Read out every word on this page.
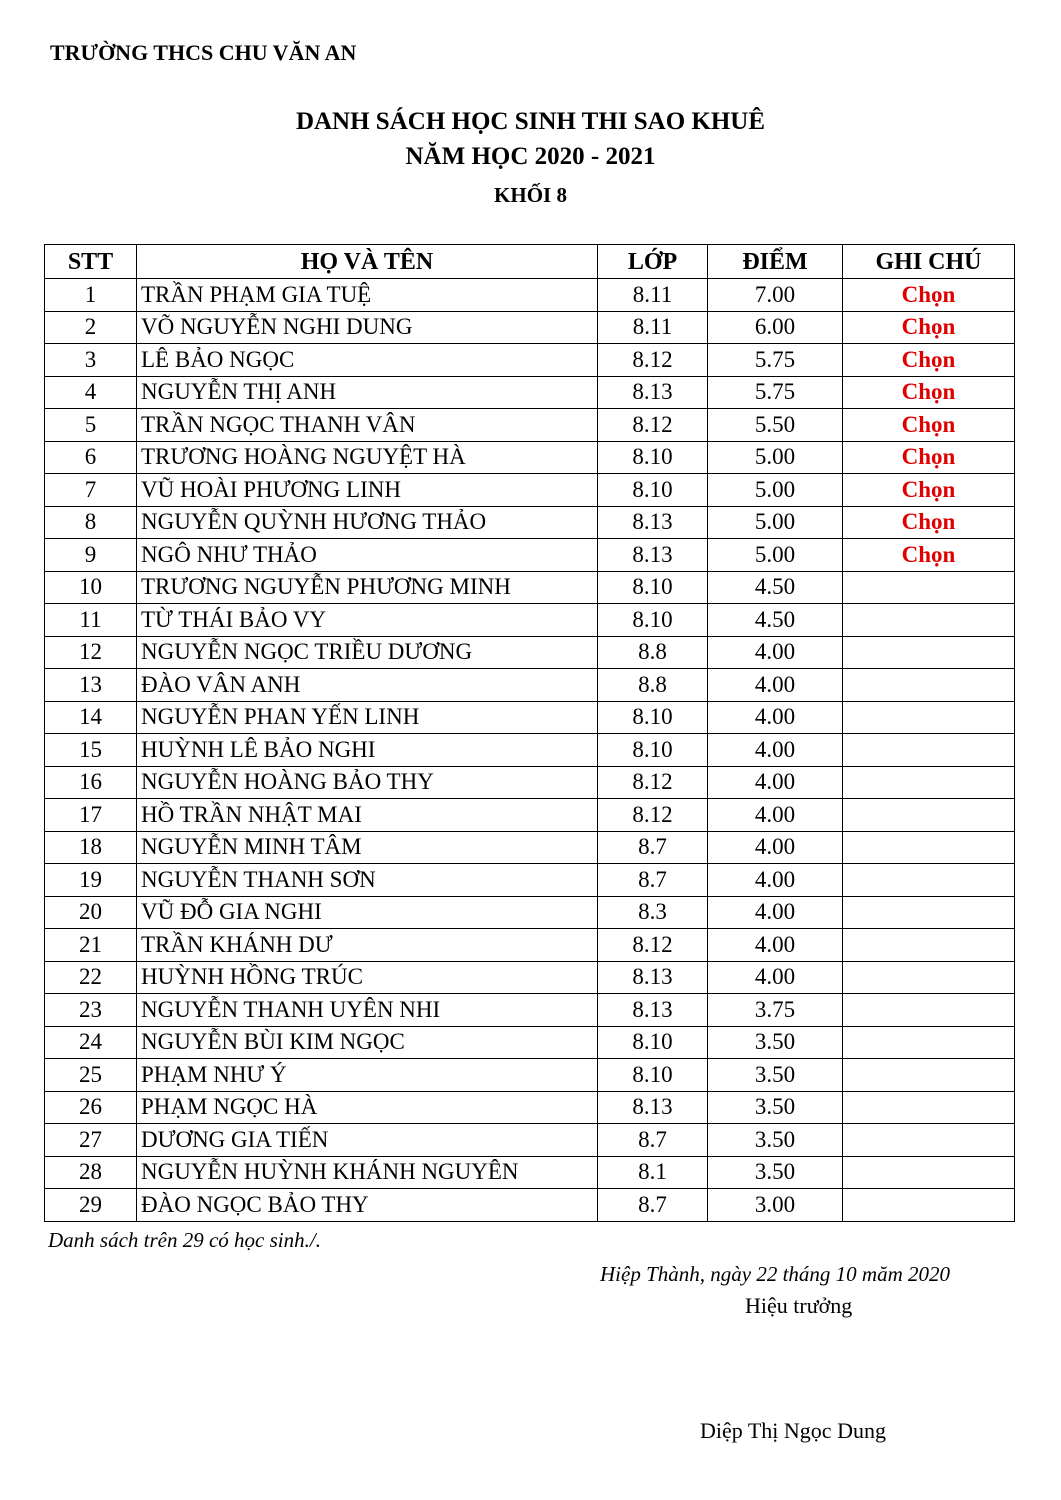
TRƯỜNG THCS CHU VĂN AN
DANH SÁCH HỌC SINH THI SAO KHUÊ
NĂM HỌC 2020 - 2021
KHỐI 8
STT	HỌ VÀ TÊN	LỚP	ĐIỂM	GHI CHÚ
1	TRẦN PHẠM GIA TUỆ	8.11	7.00	Chọn
2	VÕ NGUYỄN NGHI DUNG	8.11	6.00	Chọn
3	LÊ BẢO NGỌC	8.12	5.75	Chọn
4	NGUYỄN THỊ ANH	8.13	5.75	Chọn
5	TRẦN NGỌC THANH VÂN	8.12	5.50	Chọn
6	TRƯƠNG HOÀNG NGUYỆT HÀ	8.10	5.00	Chọn
7	VŨ HOÀI PHƯƠNG LINH	8.10	5.00	Chọn
8	NGUYỄN QUỲNH HƯƠNG THẢO	8.13	5.00	Chọn
9	NGÔ NHƯ THẢO	8.13	5.00	Chọn
10	TRƯƠNG NGUYỄN PHƯƠNG MINH	8.10	4.50	
11	TỪ THÁI BẢO VY	8.10	4.50	
12	NGUYỄN NGỌC TRIỀU DƯƠNG	8.8	4.00	
13	ĐÀO VÂN ANH	8.8	4.00	
14	NGUYỄN PHAN YẾN LINH	8.10	4.00	
15	HUỲNH LÊ BẢO NGHI	8.10	4.00	
16	NGUYỄN HOÀNG BẢO THY	8.12	4.00	
17	HỒ TRẦN NHẬT MAI	8.12	4.00	
18	NGUYỄN MINH TÂM	8.7	4.00	
19	NGUYỄN THANH SƠN	8.7	4.00	
20	VŨ ĐỖ GIA NGHI	8.3	4.00	
21	TRẦN KHÁNH DƯ	8.12	4.00	
22	HUỲNH HỒNG TRÚC	8.13	4.00	
23	NGUYỄN THANH UYÊN NHI	8.13	3.75	
24	NGUYỄN BÙI KIM NGỌC	8.10	3.50	
25	PHẠM NHƯ Ý	8.10	3.50	
26	PHẠM NGỌC HÀ	8.13	3.50	
27	DƯƠNG GIA TIẾN	8.7	3.50	
28	NGUYỄN HUỲNH KHÁNH NGUYÊN	8.1	3.50	
29	ĐÀO NGỌC BẢO THY	8.7	3.00	
Danh sách trên 29 có học sinh./.
Hiệp Thành, ngày 22 tháng 10 măm 2020
Hiệu trưởng
Diệp Thị Ngọc Dung
